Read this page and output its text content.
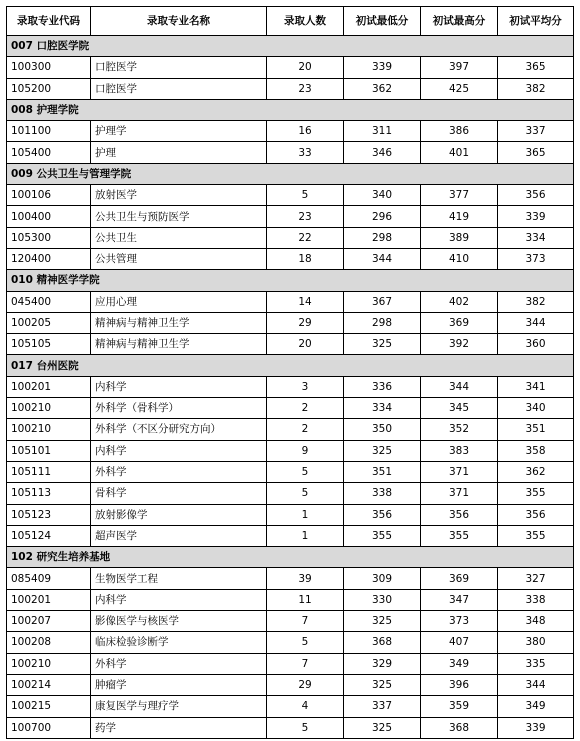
录取专业代码	录取专业名称	录取人数	初试最低分	初试最高分	初试平均分
007 口腔医学院					
100300	口腔医学	20	339	397	365
105200	口腔医学	23	362	425	382
008 护理学院					
101100	护理学	16	311	386	337
105400	护理	33	346	401	365
009 公共卫生与管理学院					
100106	放射医学	5	340	377	356
100400	公共卫生与预防医学	23	296	419	339
105300	公共卫生	22	298	389	334
120400	公共管理	18	344	410	373
010 精神医学学院					
045400	应用心理	14	367	402	382
100205	精神病与精神卫生学	29	298	369	344
105105	精神病与精神卫生学	20	325	392	360
017 台州医院					
100201	内科学	3	336	344	341
100210	外科学（骨科学）	2	334	345	340
100210	外科学（不区分研究方向）	2	350	352	351
105101	内科学	9	325	383	358
105111	外科学	5	351	371	362
105113	骨科学	5	338	371	355
105123	放射影像学	1	356	356	356
105124	超声医学	1	355	355	355
102 研究生培养基地					
085409	生物医学工程	39	309	369	327
100201	内科学	11	330	347	338
100207	影像医学与核医学	7	325	373	348
100208	临床检验诊断学	5	368	407	380
100210	外科学	7	329	349	335
100214	肿瘤学	29	325	396	344
100215	康复医学与理疗学	4	337	359	349
100700	药学	5	325	368	339
